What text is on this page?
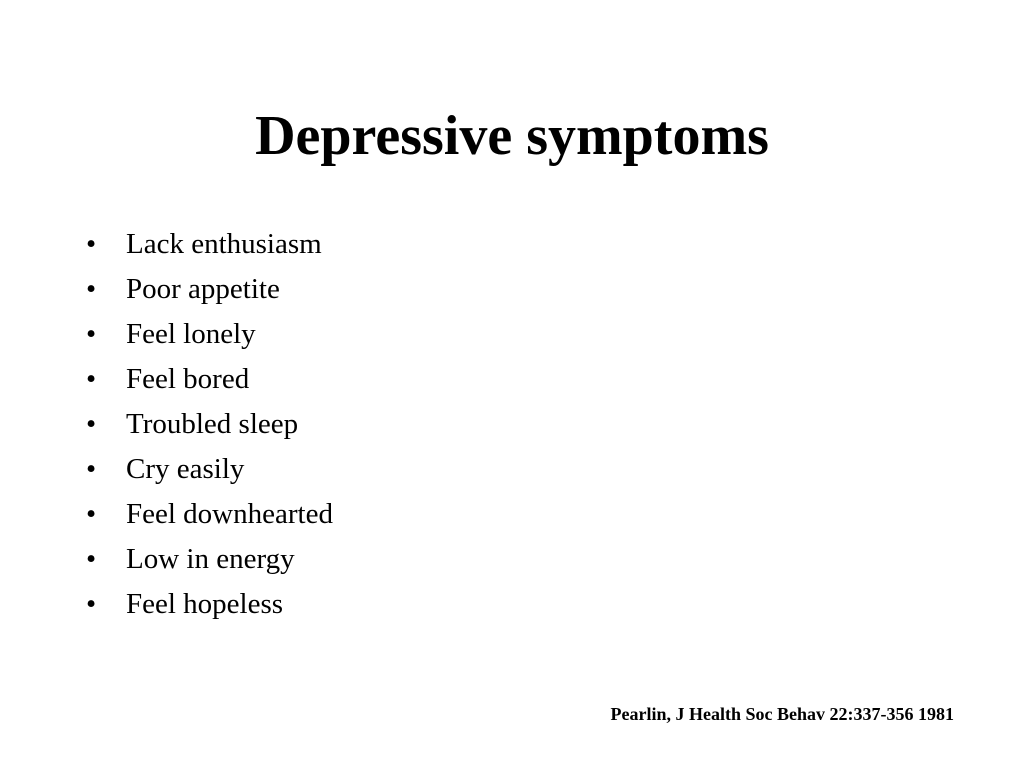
Depressive symptoms
•	Lack enthusiasm
•	Poor appetite
•	Feel lonely
•	Feel bored
•	Troubled sleep
•	Cry easily
•	Feel downhearted
•	Low in energy
•	Feel hopeless
Pearlin, J Health Soc Behav 22:337-356 1981
